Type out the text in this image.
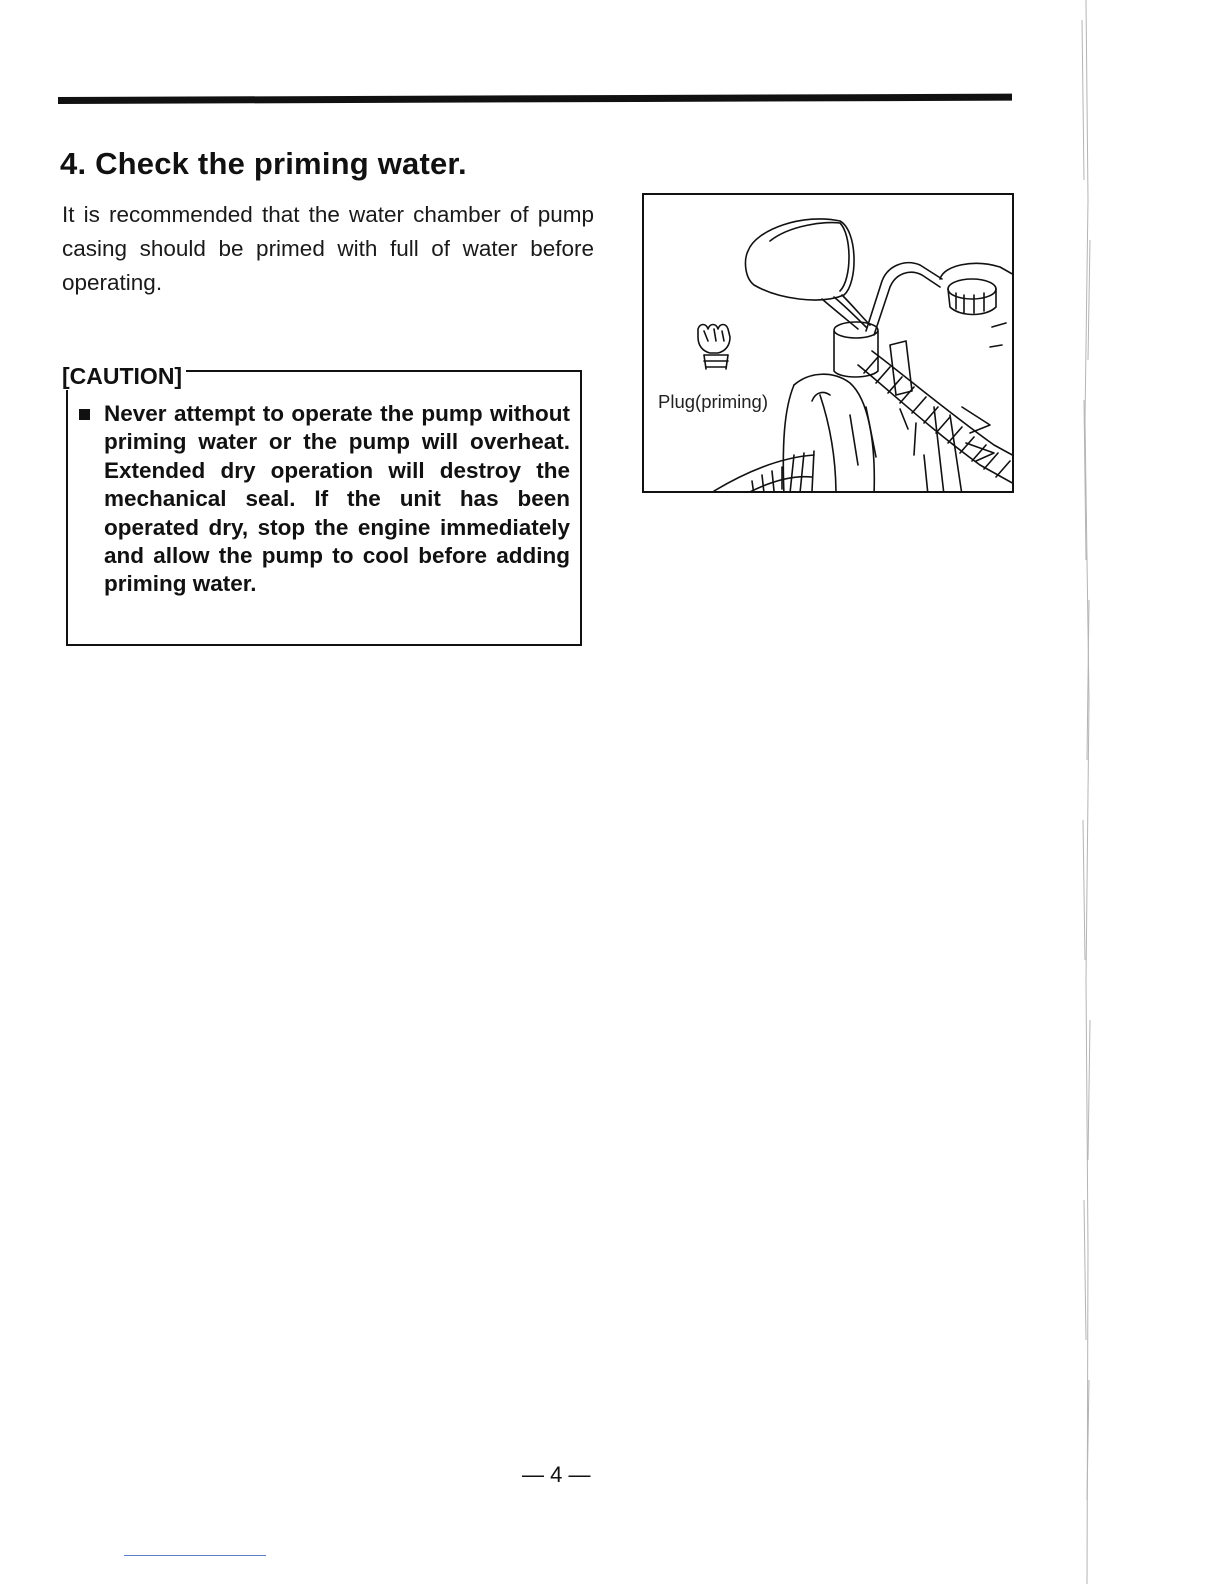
4. Check the priming water.

It is recommended that the water chamber of pump casing should be primed with full of water before operating.

[CAUTION]

Never attempt to operate the pump without priming water or the pump will overheat. Extended dry operation will destroy the mechanical seal. If the unit has been operated dry, stop the engine immediately and allow the pump to cool before adding priming water.

Plug(priming)
— 4 —
